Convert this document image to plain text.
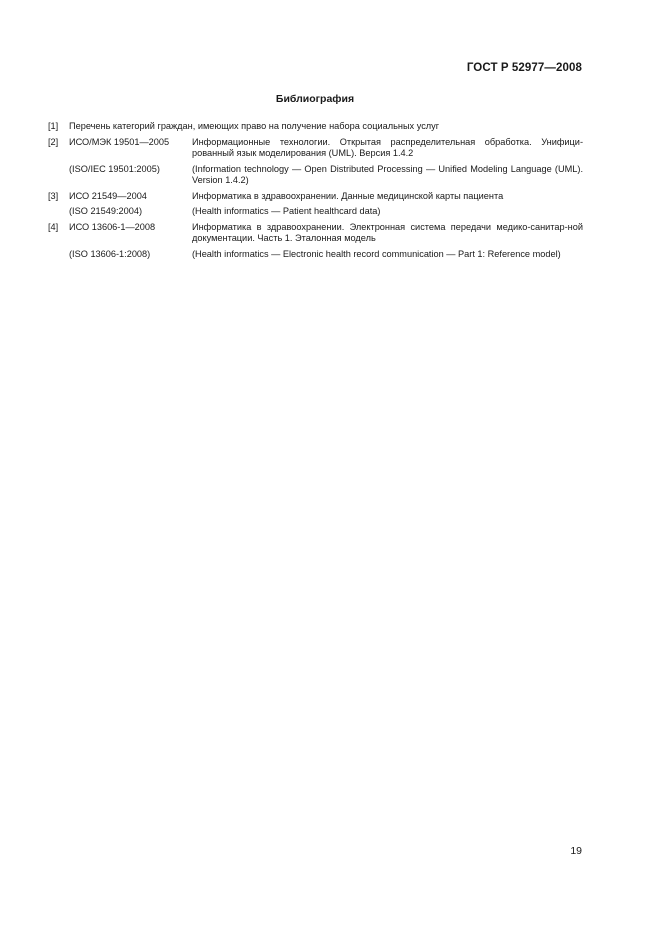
ГОСТ Р 52977—2008
Библиография
[1]	Перечень категорий граждан, имеющих право на получение набора социальных услуг
[2]	ИСО/МЭК 19501—2005	Информационные технологии. Открытая распределительная обработка. Унифици-рованный язык моделирования (UML). Версия 1.4.2
(ISO/IEC 19501:2005)	(Information technology — Open Distributed Processing — Unified Modeling Language (UML). Version 1.4.2)
[3]	ИСО 21549—2004	Информатика в здравоохранении. Данные медицинской карты пациента
(ISO 21549:2004)	(Health informatics — Patient healthcard data)
[4]	ИСО 13606-1—2008	Информатика в здравоохранении. Электронная система передачи медико-санитар-ной документации. Часть 1. Эталонная модель
(ISO 13606-1:2008)	(Health informatics — Electronic health record communication — Part 1: Reference model)
19
